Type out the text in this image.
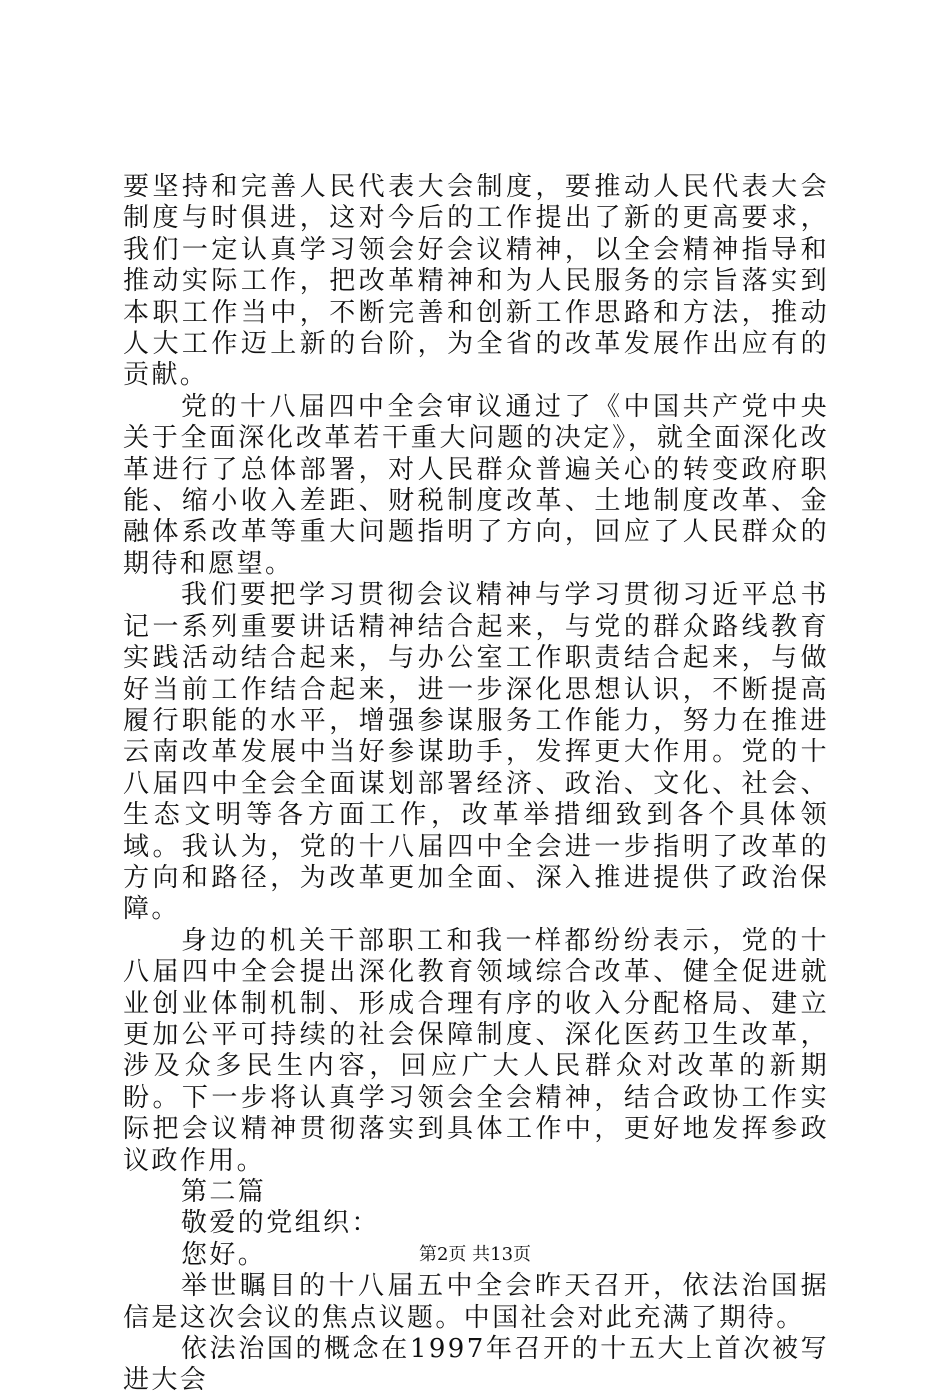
要坚持和完善人民代表大会制度，要推动人民代表大会制度与时俱进，这对今后的工作提出了新的更高要求，我们一定认真学习领会好会议精神，以全会精神指导和推动实际工作，把改革精神和为人民服务的宗旨落实到本职工作当中，不断完善和创新工作思路和方法，推动人大工作迈上新的台阶，为全省的改革发展作出应有的贡献。

党的十八届四中全会审议通过了《中国共产党中央关于全面深化改革若干重大问题的决定》，就全面深化改革进行了总体部署，对人民群众普遍关心的转变政府职能、缩小收入差距、财税制度改革、土地制度改革、金融体系改革等重大问题指明了方向，回应了人民群众的期待和愿望。

我们要把学习贯彻会议精神与学习贯彻习近平总书记一系列重要讲话精神结合起来，与党的群众路线教育实践活动结合起来，与办公室工作职责结合起来，与做好当前工作结合起来，进一步深化思想认识，不断提高履行职能的水平，增强参谋服务工作能力，努力在推进云南改革发展中当好参谋助手，发挥更大作用。党的十八届四中全会全面谋划部署经济、政治、文化、社会、生态文明等各方面工作，改革举措细致到各个具体领域。我认为，党的十八届四中全会进一步指明了改革的方向和路径，为改革更加全面、深入推进提供了政治保障。

身边的机关干部职工和我一样都纷纷表示，党的十八届四中全会提出深化教育领域综合改革、健全促进就业创业体制机制、形成合理有序的收入分配格局、建立更加公平可持续的社会保障制度、深化医药卫生改革，涉及众多民生内容，回应广大人民群众对改革的新期盼。下一步将认真学习领会全会精神，结合政协工作实际把会议精神贯彻落实到具体工作中，更好地发挥参政议政作用。

第二篇

敬爱的党组织：

您好。

举世瞩目的十八届五中全会昨天召开，依法治国据信是这次会议的焦点议题。中国社会对此充满了期待。

依法治国的概念在1997年召开的十五大上首次被写进大会

第2页 共13页
